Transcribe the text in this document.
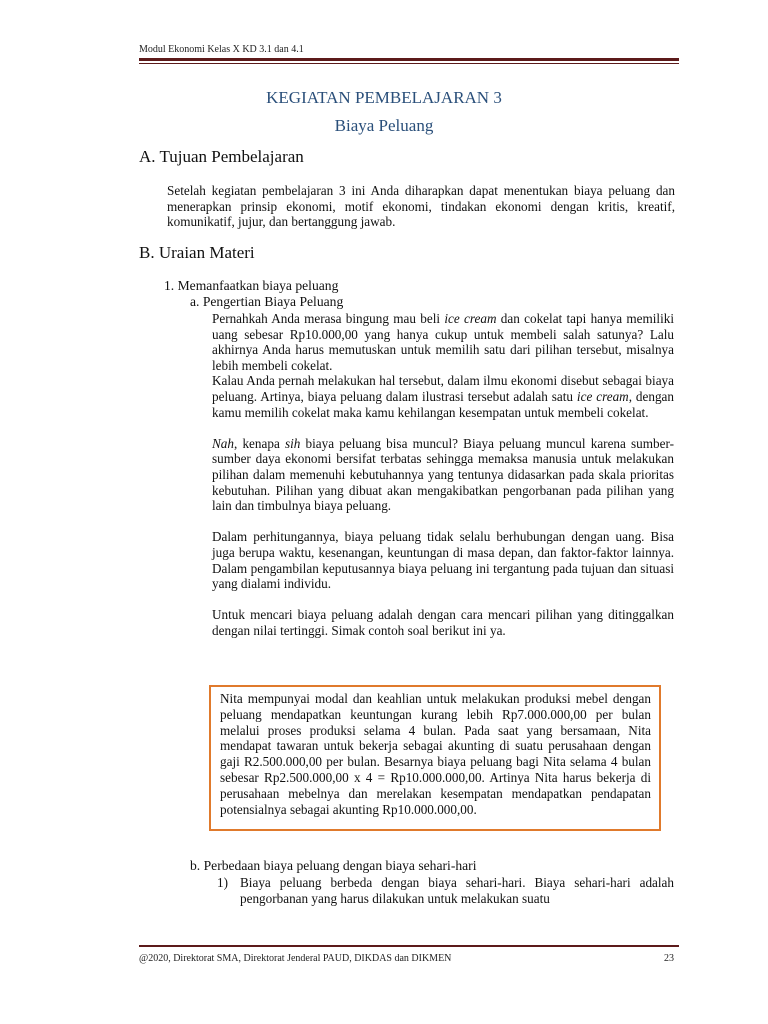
Modul Ekonomi Kelas X KD 3.1 dan 4.1
KEGIATAN PEMBELAJARAN 3
Biaya Peluang
A. Tujuan Pembelajaran
Setelah kegiatan pembelajaran 3 ini Anda diharapkan dapat menentukan biaya peluang dan menerapkan prinsip ekonomi, motif ekonomi, tindakan ekonomi dengan kritis, kreatif, komunikatif, jujur, dan bertanggung jawab.
B. Uraian Materi
1. Memanfaatkan biaya peluang
a. Pengertian Biaya Peluang

Pernahkah Anda merasa bingung mau beli ice cream dan cokelat tapi hanya memiliki uang sebesar Rp10.000,00 yang hanya cukup untuk membeli salah satunya? Lalu akhirnya Anda harus memutuskan untuk memilih satu dari pilihan tersebut, misalnya lebih membeli cokelat.

Kalau Anda pernah melakukan hal tersebut, dalam ilmu ekonomi disebut sebagai biaya peluang. Artinya, biaya peluang dalam ilustrasi tersebut adalah satu ice cream, dengan kamu memilih cokelat maka kamu kehilangan kesempatan untuk membeli cokelat.

Nah, kenapa sih biaya peluang bisa muncul? Biaya peluang muncul karena sumber-sumber daya ekonomi bersifat terbatas sehingga memaksa manusia untuk melakukan pilihan dalam memenuhi kebutuhannya yang tentunya didasarkan pada skala prioritas kebutuhan. Pilihan yang dibuat akan mengakibatkan pengorbanan pada pilihan yang lain dan timbulnya biaya peluang.

Dalam perhitungannya, biaya peluang tidak selalu berhubungan dengan uang. Bisa juga berupa waktu, kesenangan, keuntungan di masa depan, dan faktor-faktor lainnya. Dalam pengambilan keputusannya biaya peluang ini tergantung pada tujuan dan situasi yang dialami individu.

Untuk mencari biaya peluang adalah dengan cara mencari pilihan yang ditinggalkan dengan nilai tertinggi. Simak contoh soal berikut ini ya.

Nita mempunyai modal dan keahlian untuk melakukan produksi mebel dengan peluang mendapatkan keuntungan kurang lebih Rp7.000.000,00 per bulan melalui proses produksi selama 4 bulan. Pada saat yang bersamaan, Nita mendapat tawaran untuk bekerja sebagai akunting di suatu perusahaan dengan gaji R2.500.000,00 per bulan. Besarnya biaya peluang bagi Nita selama 4 bulan sebesar Rp2.500.000,00 x 4 = Rp10.000.000,00. Artinya Nita harus bekerja di perusahaan mebelnya dan merelakan kesempatan mendapatkan pendapatan potensialnya sebagai akunting Rp10.000.000,00.
b. Perbedaan biaya peluang dengan biaya sehari-hari
1) Biaya peluang berbeda dengan biaya sehari-hari. Biaya sehari-hari adalah pengorbanan yang harus dilakukan untuk melakukan suatu
@2020, Direktorat SMA, Direktorat Jenderal PAUD, DIKDAS dan DIKMEN	23
